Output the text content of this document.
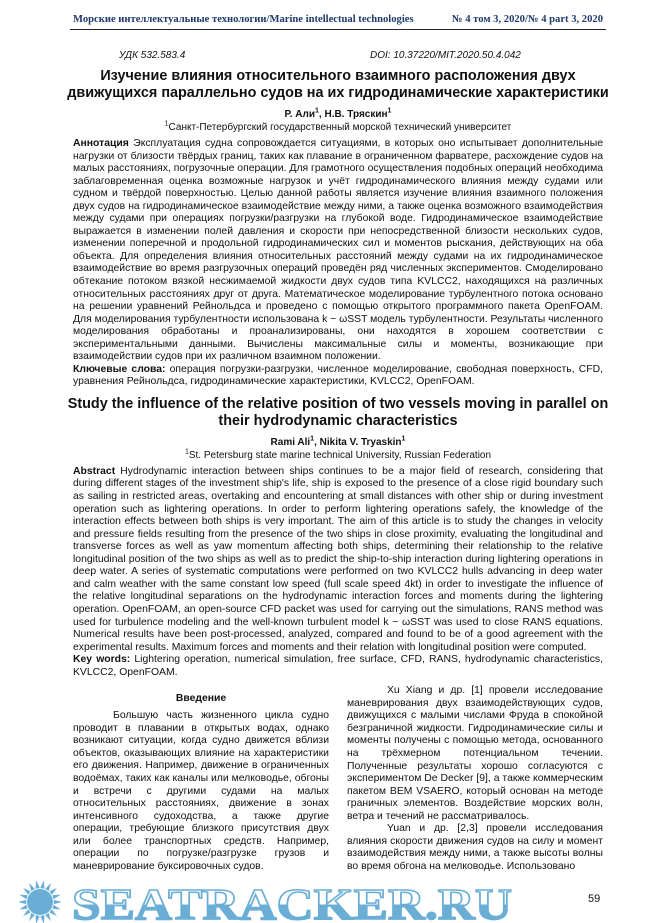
Морские интеллектуальные технологии/Marine intellectual technologies	№ 4 том 3, 2020/№ 4 part 3, 2020
УДК 532.583.4	DOI: 10.37220/MIT.2020.50.4.042
Изучение влияния относительного взаимного расположения двух движущихся параллельно судов на их гидродинамические характеристики
Р. Али$^1$, Н.В. Тряскин$^1$
$^1$Санкт-Петербургский государственный морской технический университет
Аннотация Эксплуатация судна сопровождается ситуациями, в которых оно испытывает дополнительные нагрузки от близости твёрдых границ, таких как плавание в ограниченном фарватере, расхождение судов на малых расстояниях, погрузочные операции. Для грамотного осуществления подобных операций необходима заблаговременная оценка возможные нагрузок и учёт гидродинамического влияния между судами или судном и твёрдой поверхностью. Целью данной работы является изучение влияния взаимного положения двух судов на гидродинамическое взаимодействие между ними, а также оценка возможного взаимодействия между судами при операциях погрузки/разгрузки на глубокой воде. Гидродинамическое взаимодействие выражается в изменении полей давления и скорости при непосредственной близости нескольких судов, изменении поперечной и продольной гидродинамических сил и моментов рыскания, действующих на оба объекта. Для определения влияния относительных расстояний между судами на их гидродинамическое взаимодействие во время разгрузочных операций проведён ряд численных экспериментов. Смоделировано обтекание потоком вязкой несжимаемой жидкости двух судов типа KVLCC2, находящихся на различных относительных расстояниях друг от друга. Математическое моделирование турбулентного потока основано на решении уравнений Рейнольдса и проведено с помощью открытого программного пакета OpenFOAM. Для моделирования турбулентности использована k − ωSST модель турбулентности. Результаты численного моделирования обработаны и проанализированы, они находятся в хорошем соответствии с экспериментальными данными. Вычислены максимальные силы и моменты, возникающие при взаимодействии судов при их различном взаимном положении.
Ключевые слова: операция погрузки-разгрузки, численное моделирование, свободная поверхность, CFD, уравнения Рейнольдса, гидродинамические характеристики, KVLCC2, OpenFOAM.
Study the influence of the relative position of two vessels moving in parallel on their hydrodynamic characteristics
Rami Ali$^1$, Nikita V. Tryaskin$^1$
$^1$St. Petersburg state marine technical University, Russian Federation
Abstract Hydrodynamic interaction between ships continues to be a major field of research, considering that during different stages of the investment ship's life, ship is exposed to the presence of a close rigid boundary such as sailing in restricted areas, overtaking and encountering at small distances with other ship or during investment operation such as lightering operations. In order to perform lightering operations safely, the knowledge of the interaction effects between both ships is very important. The aim of this article is to study the changes in velocity and pressure fields resulting from the presence of the two ships in close proximity, evaluating the longitudinal and transverse forces as well as yaw momentum affecting both ships, determining their relationship to the relative longitudinal position of the two ships as well as to predict the ship-to-ship interaction during lightering operations in deep water. A series of systematic computations were performed on two KVLCC2 hulls advancing in deep water and calm weather with the same constant low speed (full scale speed 4kt) in order to investigate the influence of the relative longitudinal separations on the hydrodynamic interaction forces and moments during the lightering operation. OpenFOAM, an open-source CFD packet was used for carrying out the simulations, RANS method was used for turbulence modeling and the well-known turbulent model k − ωSST was used to close RANS equations. Numerical results have been post-processed, analyzed, compared and found to be of a good agreement with the experimental results. Maximum forces and moments and their relation with longitudinal position were computed.
Key words: Lightering operation, numerical simulation, free surface, CFD, RANS, hydrodynamic characteristics, KVLCC2, OpenFOAM.
Введение

Большую часть жизненного цикла судно проводит в плавании в открытых водах, однако возникают ситуации, когда судно движется вблизи объектов, оказывающих влияние на характеристики его движения. Например, движение в ограниченных водоёмах, таких как каналы или мелководье, обгоны и встречи с другими судами на малых относительных расстояниях, движение в зонах интенсивного судоходства, а также другие операции, требующие близкого присутствия двух или более транспортных средств. Например, операции по погрузке/разгрузке грузов и маневрирование буксировочных судов.

Xu Xiang и др. [1] провели исследование маневрирования двух взаимодействующих судов, движущихся с малыми числами Фруда в спокойной безграничной жидкости. Гидродинамические силы и моменты получены с помощью метода, основанного на трёхмерном потенциальном течении. Полученные результаты хорошо согласуются с экспериментом De Decker [9], а также коммерческим пакетом BEM VSAERO, который основан на методе граничных элементов. Воздействие морских волн, ветра и течений не рассматривалось.

Yuan и др. [2,3] провели исследования влияния скорости движения судов на силу и момент взаимодействия между ними, а также высоты волны во время обгона на мелководье. Использовано

SEATRACKER.RU	59
